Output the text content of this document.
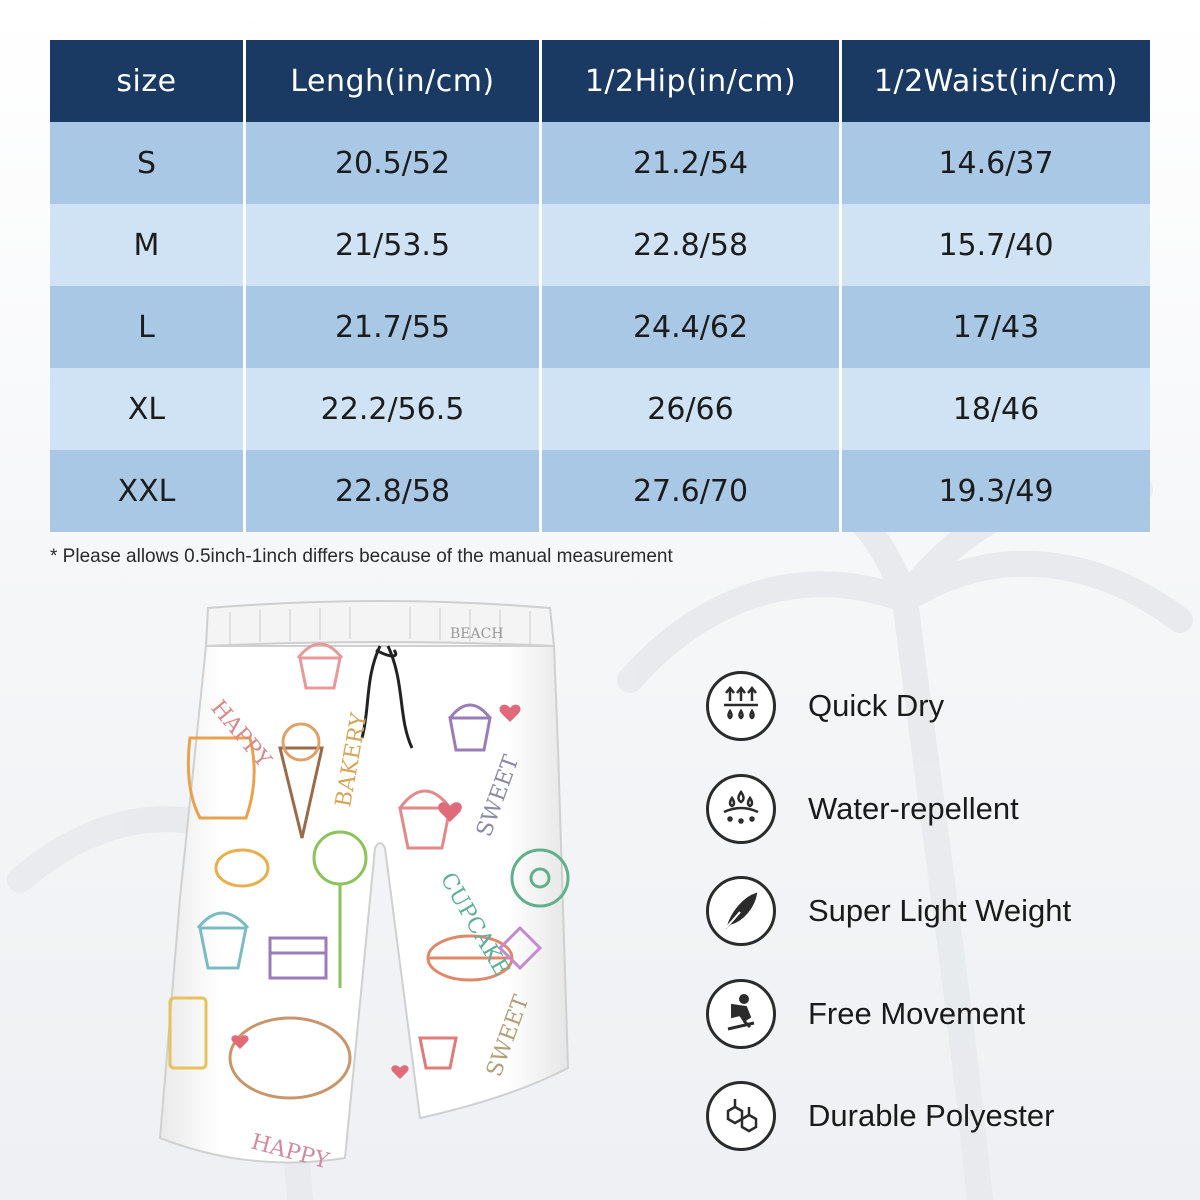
size	Lengh(in/cm)	1/2Hip(in/cm)	1/2Waist(in/cm)
S	20.5/52	21.2/54	14.6/37
M	21/53.5	22.8/58	15.7/40
L	21.7/55	24.4/62	17/43
XL	22.2/56.5	26/66	18/46
XXL	22.8/58	27.6/70	19.3/49
* Please allows 0.5inch-1inch differs because of the manual measurement
HAPPY	BAKERY	SWEET
CUPCAKE
SWEET
HAPPY
BEACH
Quick Dry
Water-repellent
Super Light Weight
Free Movement
Durable Polyester
